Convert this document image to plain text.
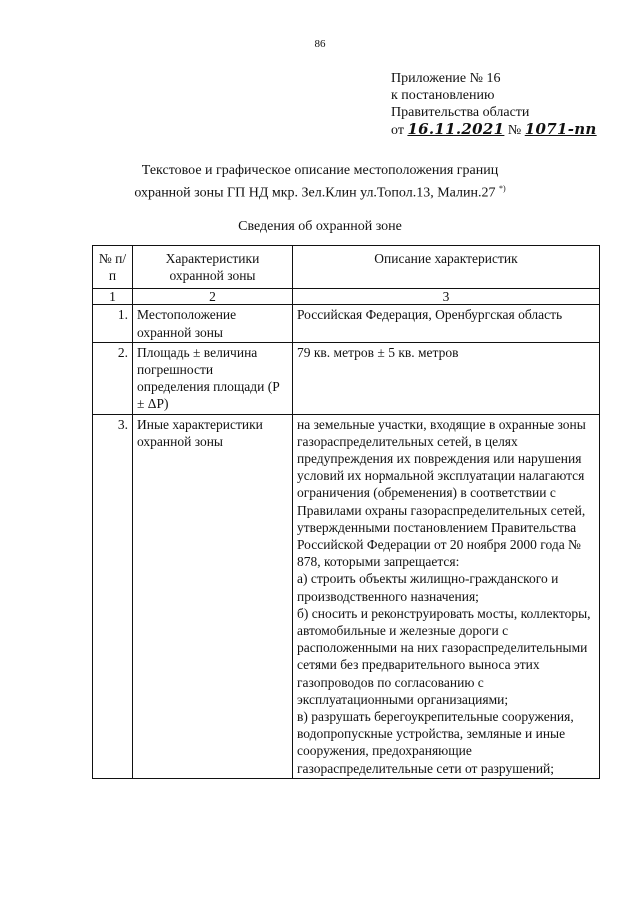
86
Приложение № 16
к постановлению
Правительства области
от 16.11.2021 № 1071-пп
Текстовое и графическое описание местоположения границ
охранной зоны ГП НД мкр. Зел.Клин ул.Топол.13, Малин.27 *)
Сведения об охранной зоне
№ п/п	Характеристики охранной зоны	Описание характеристик
1	2	3
1.	Местоположение охранной зоны	Российская Федерация, Оренбургская область

2.	Площадь ± величина погрешности определения площади (Р ± ΔР)	79 кв. метров ± 5 кв. метров

3.	Иные характеристики охранной зоны	на земельные участки, входящие в охранные зоны газораспределительных сетей, в целях предупреждения их повреждения или нарушения условий их нормальной эксплуатации налагаются ограничения (обременения) в соответствии с Правилами охраны газораспределительных сетей, утвержденными постановлением Правительства Российской Федерации от 20 ноября 2000 года № 878, которыми запрещается:

а) строить объекты жилищно-гражданского и производственного назначения;

б) сносить и реконструировать мосты, коллекторы, автомобильные и железные дороги с расположенными на них газораспределительными сетями без предварительного выноса этих газопроводов по согласованию с эксплуатационными организациями;

в) разрушать берегоукрепительные сооружения, водопропускные устройства, земляные и иные сооружения, предохраняющие газораспределительные сети от разрушений;
